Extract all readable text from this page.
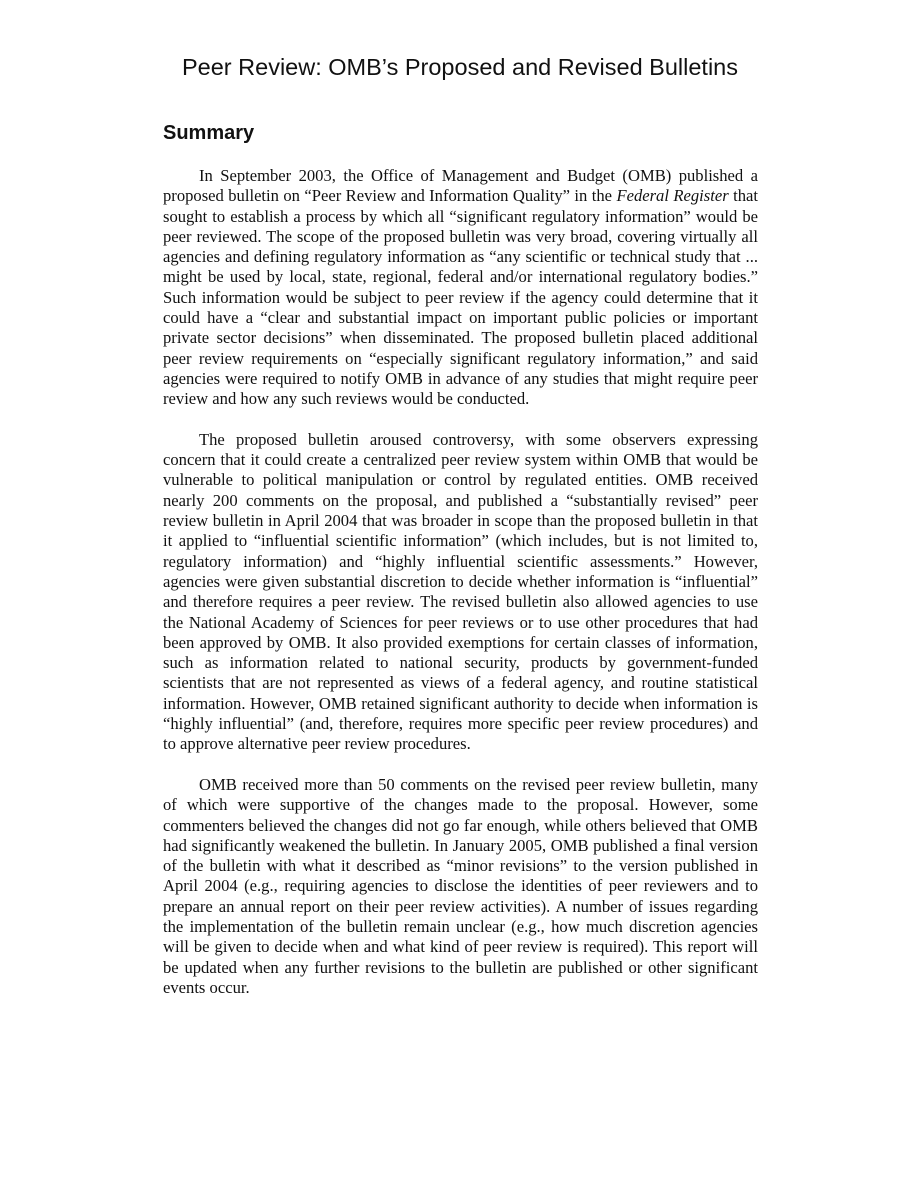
Peer Review: OMB’s Proposed and Revised Bulletins
Summary

In September 2003, the Office of Management and Budget (OMB) published a proposed bulletin on “Peer Review and Information Quality” in the Federal Register that sought to establish a process by which all “significant regulatory information” would be peer reviewed. The scope of the proposed bulletin was very broad, covering virtually all agencies and defining regulatory information as “any scientific or technical study that ... might be used by local, state, regional, federal and/or international regulatory bodies.” Such information would be subject to peer review if the agency could determine that it could have a “clear and substantial impact on important public policies or important private sector decisions” when disseminated. The proposed bulletin placed additional peer review requirements on “especially significant regulatory information,” and said agencies were required to notify OMB in advance of any studies that might require peer review and how any such reviews would be conducted.

The proposed bulletin aroused controversy, with some observers expressing concern that it could create a centralized peer review system within OMB that would be vulnerable to political manipulation or control by regulated entities. OMB received nearly 200 comments on the proposal, and published a “substantially revised” peer review bulletin in April 2004 that was broader in scope than the proposed bulletin in that it applied to “influential scientific information” (which includes, but is not limited to, regulatory information) and “highly influential scientific assessments.” However, agencies were given substantial discretion to decide whether information is “influential” and therefore requires a peer review. The revised bulletin also allowed agencies to use the National Academy of Sciences for peer reviews or to use other procedures that had been approved by OMB. It also provided exemptions for certain classes of information, such as information related to national security, products by government-funded scientists that are not represented as views of a federal agency, and routine statistical information. However, OMB retained significant authority to decide when information is “highly influential” (and, therefore, requires more specific peer review procedures) and to approve alternative peer review procedures.

OMB received more than 50 comments on the revised peer review bulletin, many of which were supportive of the changes made to the proposal. However, some commenters believed the changes did not go far enough, while others believed that OMB had significantly weakened the bulletin. In January 2005, OMB published a final version of the bulletin with what it described as “minor revisions” to the version published in April 2004 (e.g., requiring agencies to disclose the identities of peer reviewers and to prepare an annual report on their peer review activities). A number of issues regarding the implementation of the bulletin remain unclear (e.g., how much discretion agencies will be given to decide when and what kind of peer review is required). This report will be updated when any further revisions to the bulletin are published or other significant events occur.
